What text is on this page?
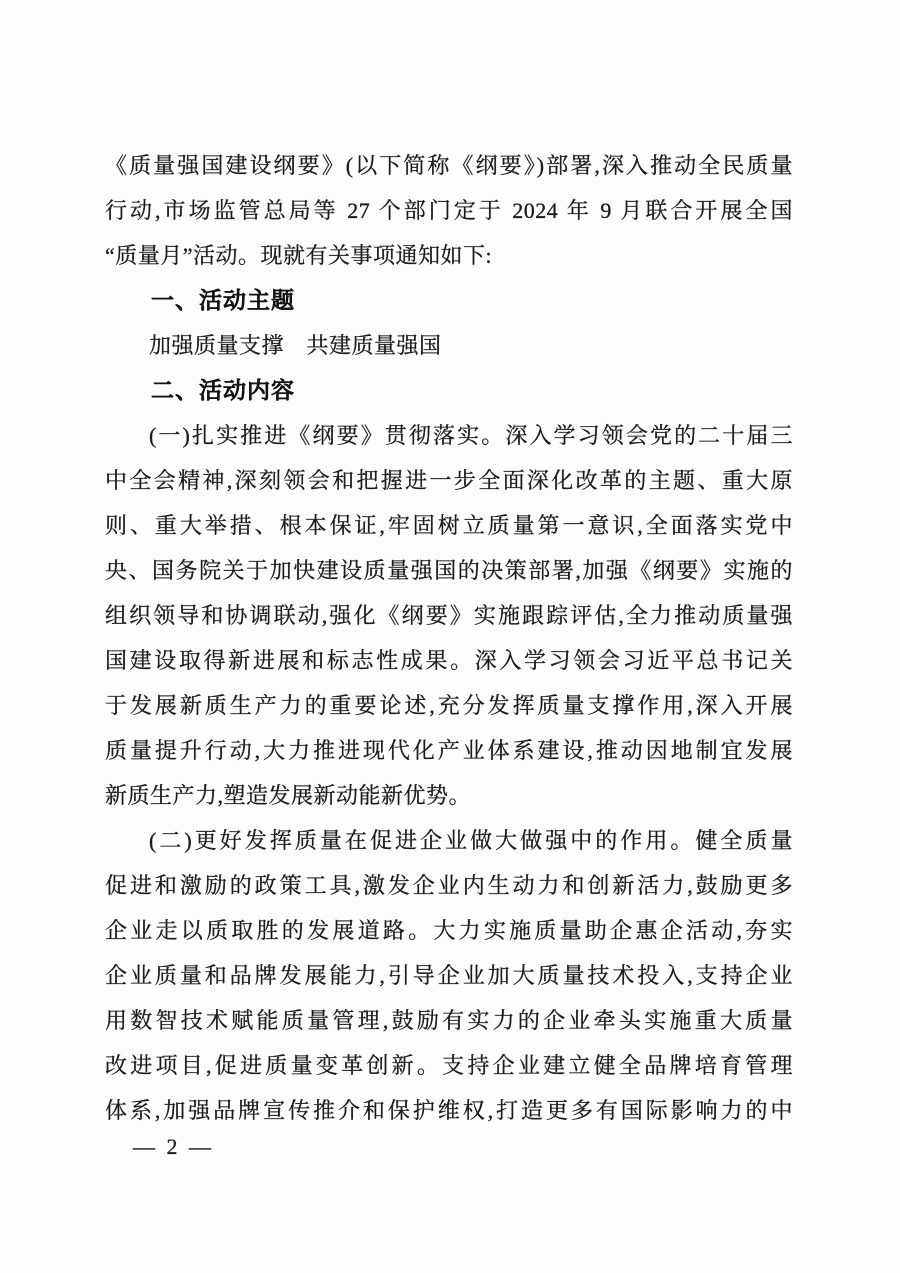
《质量强国建设纲要》(以下简称《纲要》)部署,深入推动全民质量
行动,市场监管总局等 27 个部门定于 2024 年 9 月联合开展全国
“质量月”活动。现就有关事项通知如下:
一、活动主题
加强质量支撑　共建质量强国
二、活动内容
(一)扎实推进《纲要》贯彻落实。深入学习领会党的二十届三
中全会精神,深刻领会和把握进一步全面深化改革的主题、重大原
则、重大举措、根本保证,牢固树立质量第一意识,全面落实党中
央、国务院关于加快建设质量强国的决策部署,加强《纲要》实施的
组织领导和协调联动,强化《纲要》实施跟踪评估,全力推动质量强
国建设取得新进展和标志性成果。深入学习领会习近平总书记关
于发展新质生产力的重要论述,充分发挥质量支撑作用,深入开展
质量提升行动,大力推进现代化产业体系建设,推动因地制宜发展
新质生产力,塑造发展新动能新优势。
(二)更好发挥质量在促进企业做大做强中的作用。健全质量
促进和激励的政策工具,激发企业内生动力和创新活力,鼓励更多
企业走以质取胜的发展道路。大力实施质量助企惠企活动,夯实
企业质量和品牌发展能力,引导企业加大质量技术投入,支持企业
用数智技术赋能质量管理,鼓励有实力的企业牵头实施重大质量
改进项目,促进质量变革创新。支持企业建立健全品牌培育管理
体系,加强品牌宣传推介和保护维权,打造更多有国际影响力的中
— 2 —
